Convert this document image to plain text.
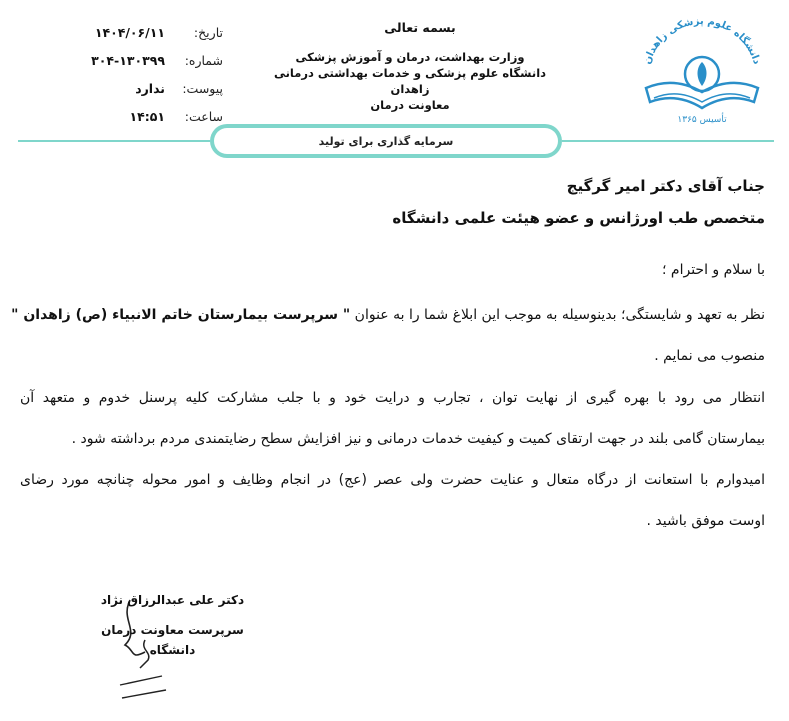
دانشگاه علوم پزشکی زاهدان
تأسیس ۱۳۶۵
بسمه تعالی
وزارت بهداشت، درمان و آموزش پزشکی
دانشگاه علوم پزشکی و خدمات بهداشتی درمانی زاهدان
معاونت درمان
تاریخ:
۱۴۰۴/۰۶/۱۱
شماره:
۳۰۴-۱۳۰۳۹۹
پیوست:
ندارد
ساعت:
۱۴:۵۱
سرمایه گذاری برای تولید
جناب آقای دکتر امیر گرگیج
متخصص طب اورژانس و عضو هیئت علمی دانشگاه
با سلام و احترام ؛
نظر به تعهد و شایستگی؛ بدینوسیله به موجب این ابلاغ شما را به عنوان " سرپرست بیمارستان خاتم الانبیاء (ص) زاهدان "
منصوب می نمایم .
انتظار می رود با بهره گیری از نهایت توان ، تجارب و درایت خود و با جلب مشارکت کلیه پرسنل خدوم و متعهد آن
بیمارستان گامی بلند در جهت ارتقای کمیت و کیفیت خدمات درمانی و نیز افزایش سطح رضایتمندی مردم برداشته شود .
امیدوارم با استعانت از درگاه متعال و عنایت حضرت ولی عصر (عج) در انجام وظایف و امور محوله چنانچه مورد رضای
اوست موفق باشید .
دکتر علی عبدالرزاق نژاد
سرپرست معاونت درمان دانشگاه
